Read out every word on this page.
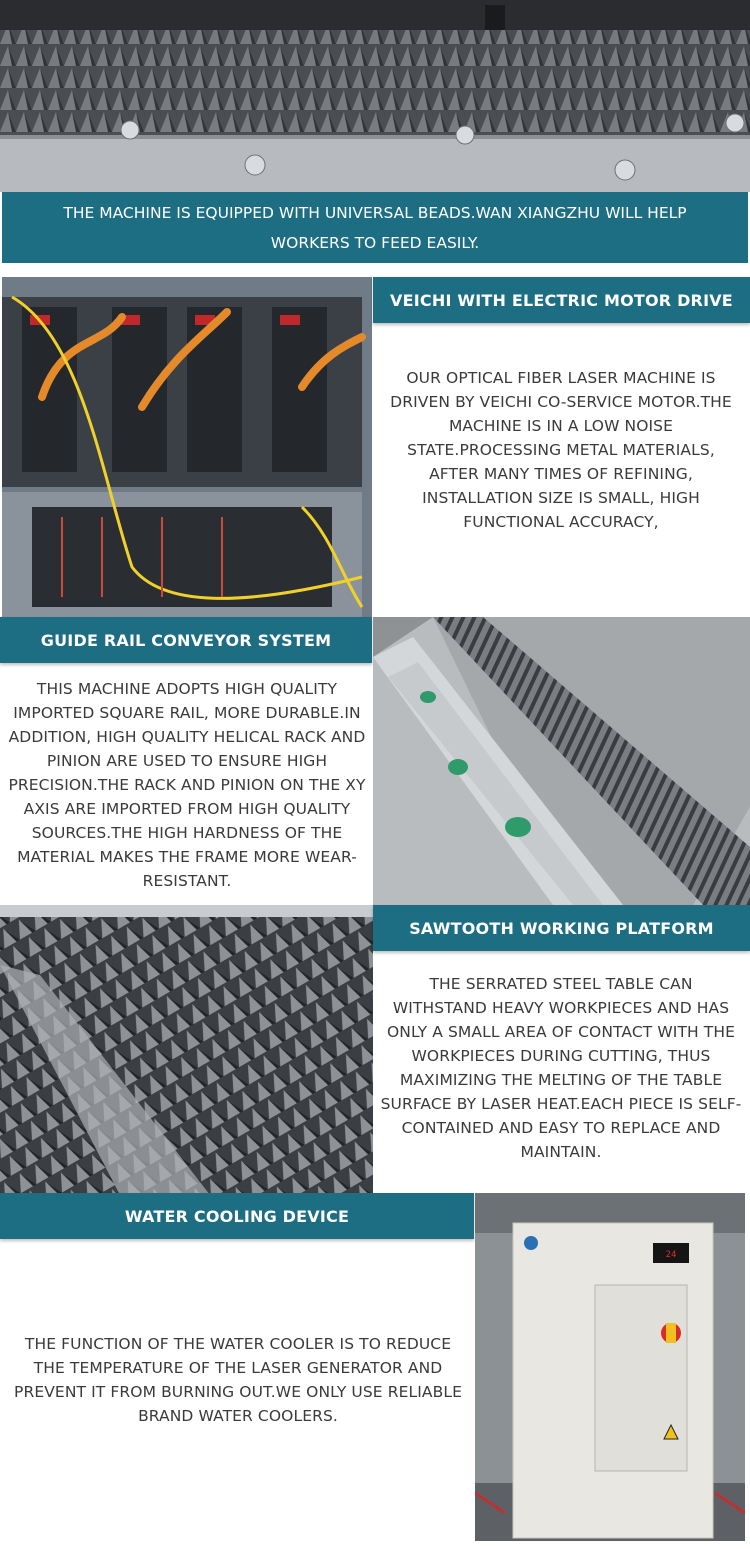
THE MACHINE IS EQUIPPED WITH UNIVERSAL BEADS.WAN XIANGZHU WILL HELP WORKERS TO FEED EASILY.
VEICHI WITH ELECTRIC MOTOR DRIVE
OUR OPTICAL FIBER LASER MACHINE IS DRIVEN BY VEICHI CO-SERVICE MOTOR.THE MACHINE IS IN A LOW NOISE STATE.PROCESSING METAL MATERIALS, AFTER MANY TIMES OF REFINING, INSTALLATION SIZE IS SMALL, HIGH FUNCTIONAL ACCURACY,
GUIDE RAIL CONVEYOR SYSTEM
THIS MACHINE ADOPTS HIGH QUALITY IMPORTED SQUARE RAIL, MORE DURABLE.IN ADDITION, HIGH QUALITY HELICAL RACK AND PINION ARE USED TO ENSURE HIGH PRECISION.THE RACK AND PINION ON THE XY AXIS ARE IMPORTED FROM HIGH QUALITY SOURCES.THE HIGH HARDNESS OF THE MATERIAL MAKES THE FRAME MORE WEAR-RESISTANT.
SAWTOOTH WORKING PLATFORM
THE SERRATED STEEL TABLE CAN WITHSTAND HEAVY WORKPIECES AND HAS ONLY A SMALL AREA OF CONTACT WITH THE WORKPIECES DURING CUTTING, THUS MAXIMIZING THE MELTING OF THE TABLE SURFACE BY LASER HEAT.EACH PIECE IS SELF-CONTAINED AND EASY TO REPLACE AND MAINTAIN.
WATER COOLING DEVICE
THE FUNCTION OF THE WATER COOLER IS TO REDUCE THE TEMPERATURE OF THE LASER GENERATOR AND PREVENT IT FROM BURNING OUT.WE ONLY USE RELIABLE BRAND WATER COOLERS.
24
